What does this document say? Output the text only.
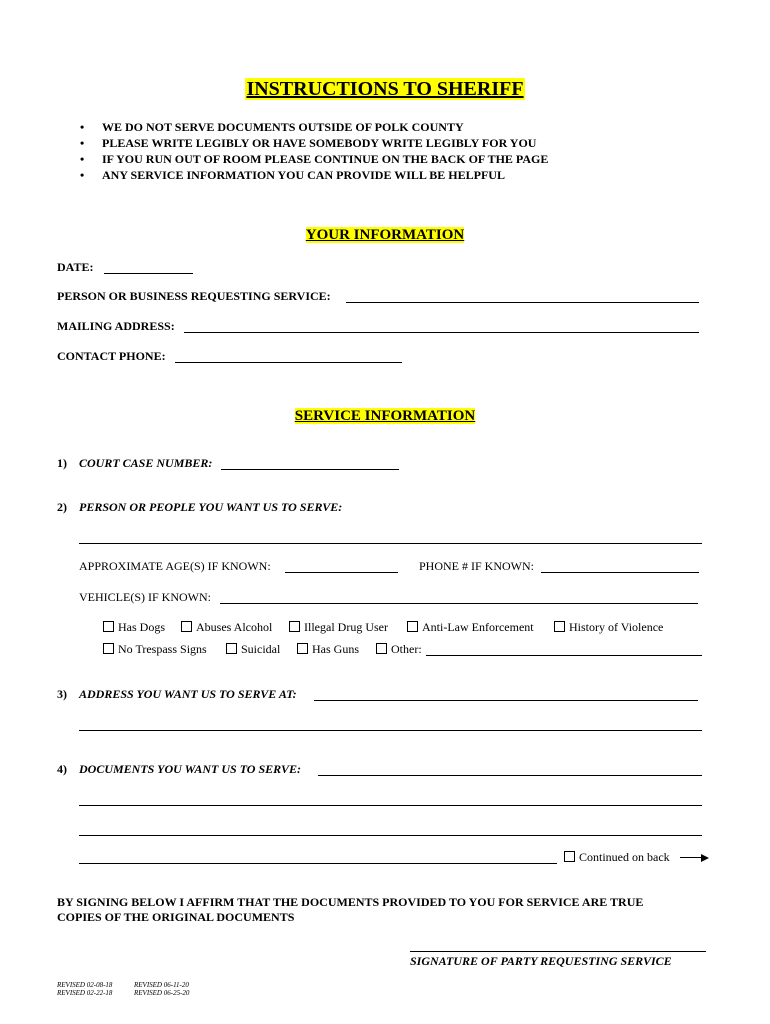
INSTRUCTIONS TO SHERIFF
• WE DO NOT SERVE DOCUMENTS OUTSIDE OF POLK COUNTY
• PLEASE WRITE LEGIBLY OR HAVE SOMEBODY WRITE LEGIBLY FOR YOU
• IF YOU RUN OUT OF ROOM PLEASE CONTINUE ON THE BACK OF THE PAGE
• ANY SERVICE INFORMATION YOU CAN PROVIDE WILL BE HELPFUL
YOUR INFORMATION
DATE:
PERSON OR BUSINESS REQUESTING SERVICE:
MAILING ADDRESS:
CONTACT PHONE:
SERVICE INFORMATION
1) COURT CASE NUMBER:
2) PERSON OR PEOPLE YOU WANT US TO SERVE:
APPROXIMATE AGE(S) IF KNOWN:	PHONE # IF KNOWN:
VEHICLE(S) IF KNOWN:
Has Dogs	Abuses Alcohol	Illegal Drug User	Anti-Law Enforcement	History of Violence
No Trespass Signs	Suicidal	Has Guns	Other:
3) ADDRESS YOU WANT US TO SERVE AT:
4) DOCUMENTS YOU WANT US TO SERVE:
Continued on back
BY SIGNING BELOW I AFFIRM THAT THE DOCUMENTS PROVIDED TO YOU FOR SERVICE ARE TRUE
COPIES OF THE ORIGINAL DOCUMENTS
SIGNATURE OF PARTY REQUESTING SERVICE
REVISED 02-08-18
REVISED 02-22-18
REVISED 06-11-20
REVISED 06-25-20
